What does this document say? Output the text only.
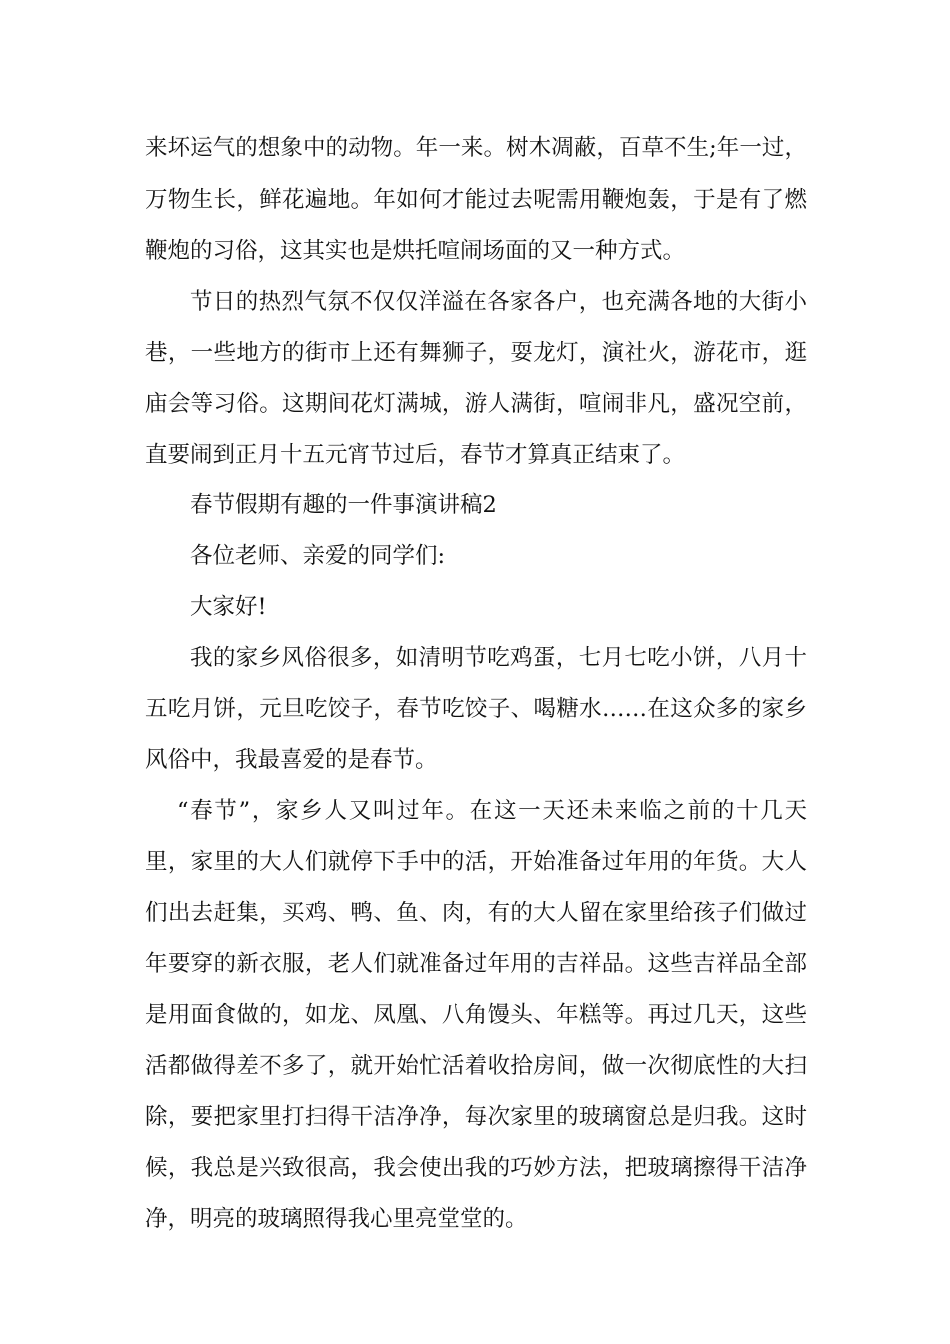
来坏运气的想象中的动物。年一来。树木凋蔽，百草不生;年一过，
万物生长，鲜花遍地。年如何才能过去呢需用鞭炮轰，于是有了燃
鞭炮的习俗，这其实也是烘托喧闹场面的又一种方式。
节日的热烈气氛不仅仅洋溢在各家各户，也充满各地的大街小
巷，一些地方的街市上还有舞狮子，耍龙灯，演社火，游花市，逛
庙会等习俗。这期间花灯满城，游人满街，喧闹非凡，盛况空前，
直要闹到正月十五元宵节过后，春节才算真正结束了。
春节假期有趣的一件事演讲稿2
各位老师、亲爱的同学们:
大家好!
我的家乡风俗很多，如清明节吃鸡蛋，七月七吃小饼，八月十
五吃月饼，元旦吃饺子，春节吃饺子、喝糖水……在这众多的家乡
风俗中，我最喜爱的是春节。
“春节”，家乡人又叫过年。在这一天还未来临之前的十几天
里，家里的大人们就停下手中的活，开始准备过年用的年货。大人
们出去赶集，买鸡、鸭、鱼、肉，有的大人留在家里给孩子们做过
年要穿的新衣服，老人们就准备过年用的吉祥品。这些吉祥品全部
是用面食做的，如龙、凤凰、八角馒头、年糕等。再过几天，这些
活都做得差不多了，就开始忙活着收拾房间，做一次彻底性的大扫
除，要把家里打扫得干洁净净，每次家里的玻璃窗总是归我。这时
候，我总是兴致很高，我会使出我的巧妙方法，把玻璃擦得干洁净
净，明亮的玻璃照得我心里亮堂堂的。
